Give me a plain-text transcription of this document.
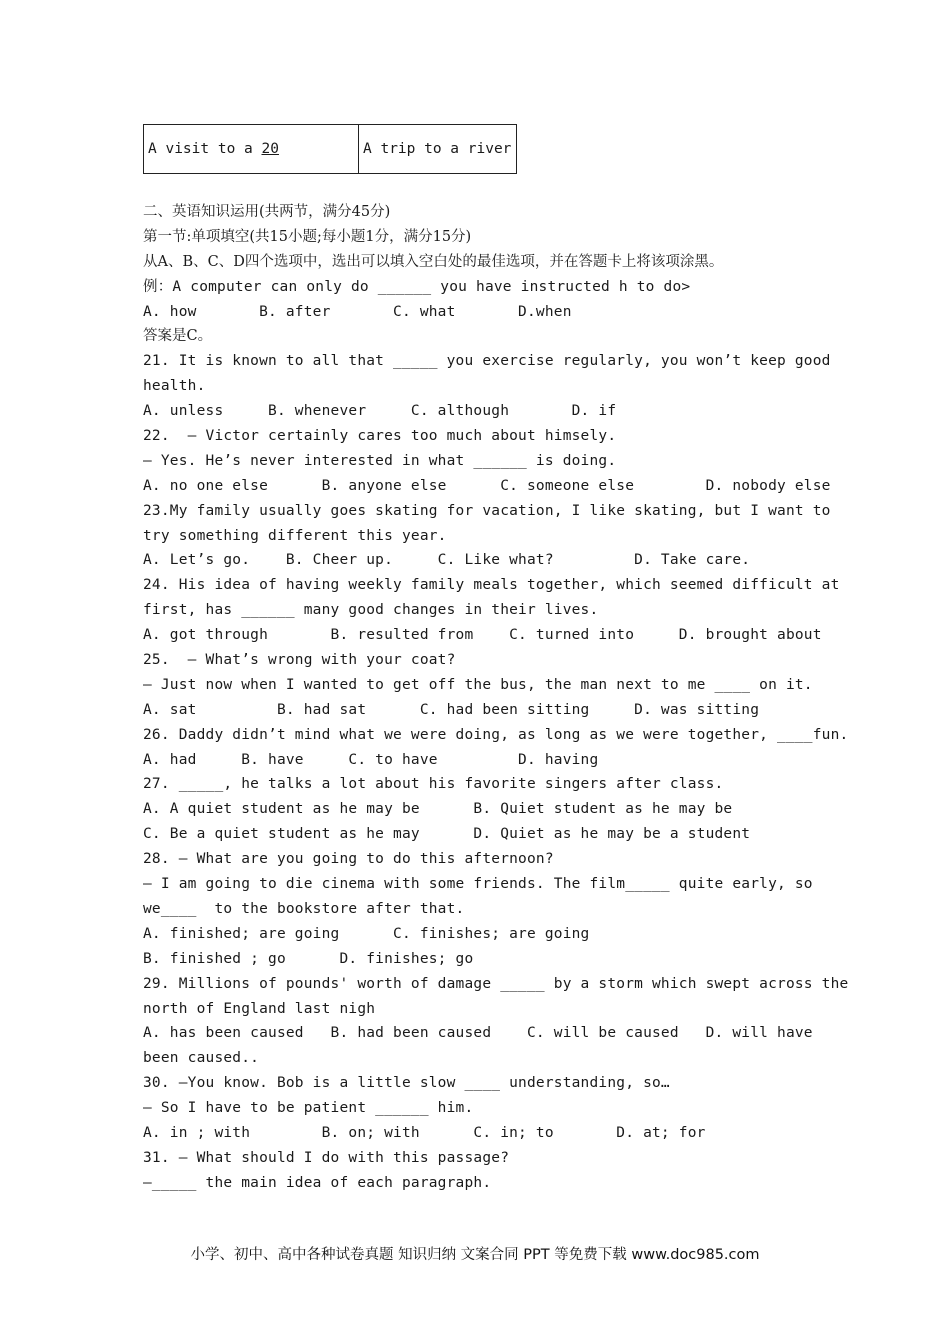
A visit to a 20	A trip to a river
二、英语知识运用(共两节，满分45分)
第一节:单项填空(共15小题;每小题1分，满分15分)
从A、B、C、D四个选项中，选出可以填入空白处的最佳选项，并在答题卡上将该项涂黑。
例：A computer can only do ______ you have instructed h to do>
A. how       B. after       C. what       D.when
答案是C。
21. It is known to all that _____ you exercise regularly, you won’t keep good
health.
A. unless     B. whenever     C. although       D. if
22.  — Victor certainly cares too much about himsely.
— Yes. He’s never interested in what ______ is doing.
A. no one else      B. anyone else      C. someone else        D. nobody else
23.My family usually goes skating for vacation, I like skating, but I want to
try something different this year.
A. Let’s go.    B. Cheer up.     C. Like what?         D. Take care.
24. His idea of having weekly family meals together, which seemed difficult at
first, has ______ many good changes in their lives.
A. got through       B. resulted from    C. turned into     D. brought about
25.  — What’s wrong with your coat?
— Just now when I wanted to get off the bus, the man next to me ____ on it.
A. sat         B. had sat      C. had been sitting     D. was sitting
26. Daddy didn’t mind what we were doing, as long as we were together, ____fun.
A. had     B. have     C. to have         D. having
27. _____, he talks a lot about his favorite singers after class.
A. A quiet student as he may be      B. Quiet student as he may be
C. Be a quiet student as he may      D. Quiet as he may be a student
28. — What are you going to do this afternoon?
— I am going to die cinema with some friends. The film_____ quite early, so
we____  to the bookstore after that.
A. finished; are going      C. finishes; are going
B. finished ; go      D. finishes; go
29. Millions of pounds' worth of damage _____ by a storm which swept across the
north of England last nigh
A. has been caused   B. had been caused    C. will be caused   D. will have
been caused..
30. —You know. Bob is a little slow ____ understanding, so…
— So I have to be patient ______ him.
A. in ; with        B. on; with      C. in; to       D. at; for
31. — What should I do with this passage?
—_____ the main idea of each paragraph.
小学、初中、高中各种试卷真题 知识归纳 文案合同 PPT 等免费下载 www.doc985.com
